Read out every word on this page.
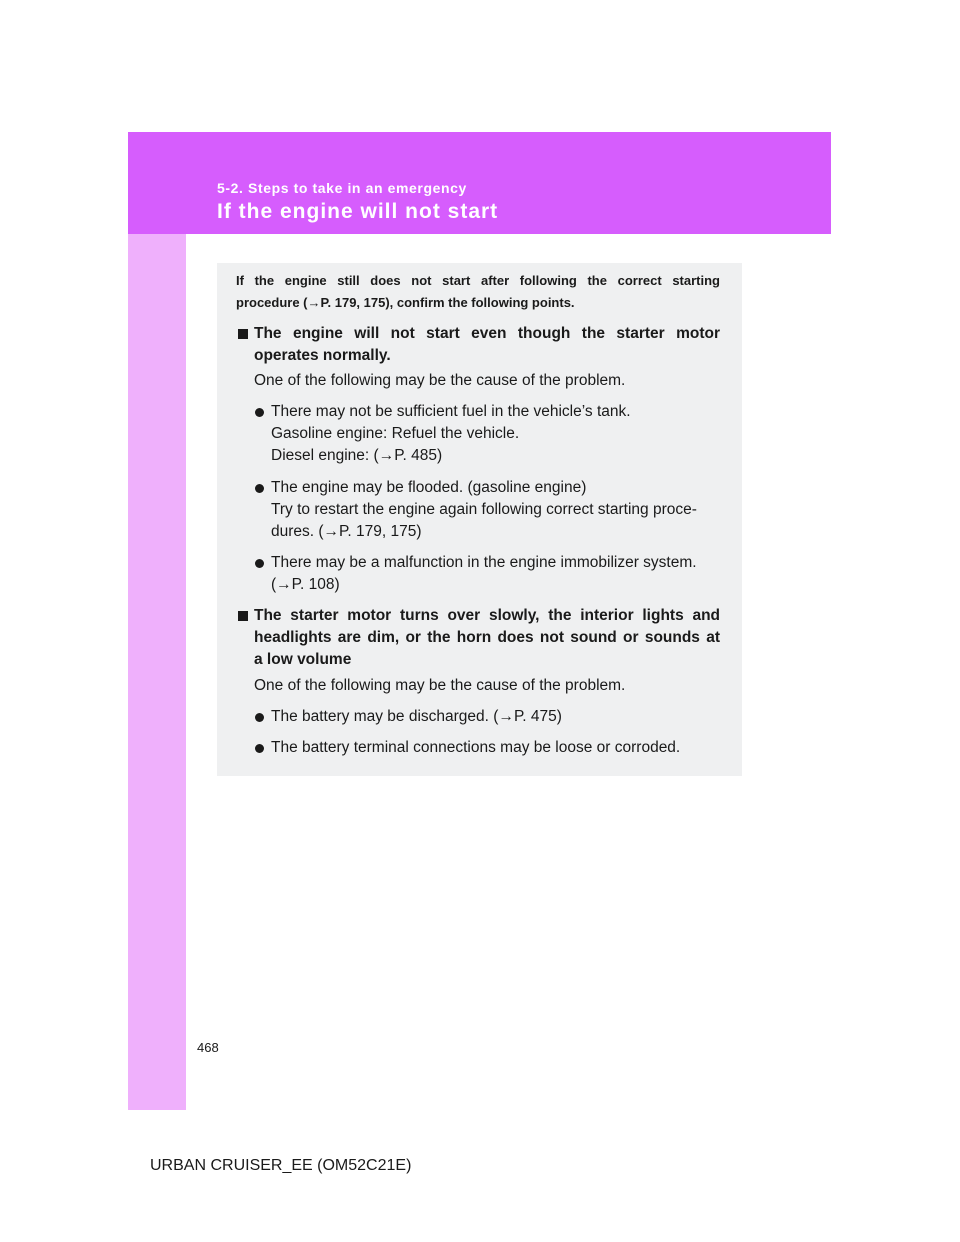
5-2. Steps to take in an emergency
If the engine will not start

If the engine still does not start after following the correct starting
procedure (→P. 179, 175), confirm the following points.

The engine will not start even though the starter motor
operates normally.

One of the following may be the cause of the problem.

There may not be sufficient fuel in the vehicle’s tank.
Gasoline engine: Refuel the vehicle.
Diesel engine: (→P. 485)
The engine may be flooded. (gasoline engine)
Try to restart the engine again following correct starting proce-
dures. (→P. 179, 175)
There may be a malfunction in the engine immobilizer system.
(→P. 108)
The starter motor turns over slowly, the interior lights and
headlights are dim, or the horn does not sound or sounds at
a low volume

One of the following may be the cause of the problem.

The battery may be discharged. (→P. 475)
The battery terminal connections may be loose or corroded.
468
URBAN CRUISER_EE (OM52C21E)
